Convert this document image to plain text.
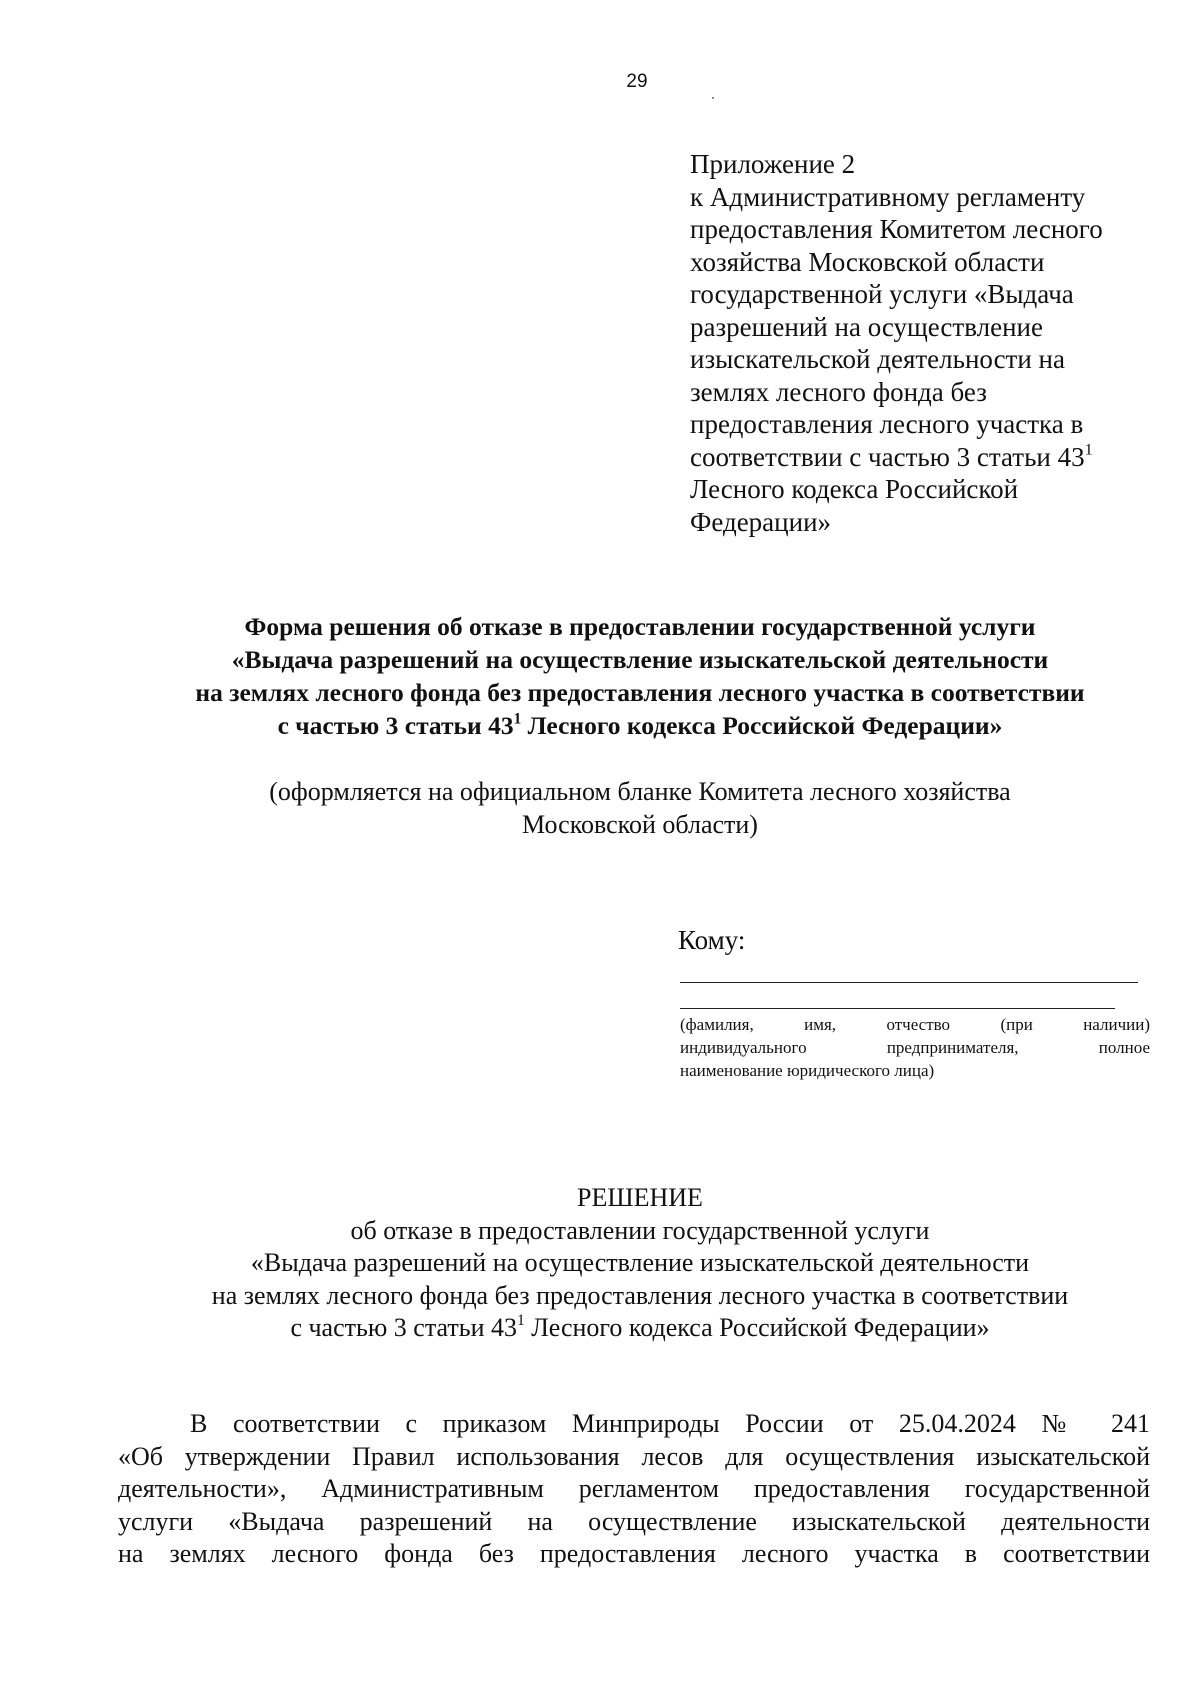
29
Приложение 2
к Административному регламенту
предоставления Комитетом лесного
хозяйства Московской области
государственной услуги «Выдача
разрешений на осуществление
изыскательской деятельности на
землях лесного фонда без
предоставления лесного участка в
соответствии с частью 3 статьи $43^1$
Лесного кодекса Российской
Федерации»
Форма решения об отказе в предоставлении государственной услуги
«Выдача разрешений на осуществление изыскательской деятельности
на землях лесного фонда без предоставления лесного участка в соответствии
с частью 3 статьи $43^1$ Лесного кодекса Российской Федерации»
(оформляется на официальном бланке Комитета лесного хозяйства
Московской области)
Кому:
(фамилия, имя, отчество (при наличии)
индивидуального предпринимателя, полное
наименование юридического лица)
РЕШЕНИЕ
об отказе в предоставлении государственной услуги
«Выдача разрешений на осуществление изыскательской деятельности
на землях лесного фонда без предоставления лесного участка в соответствии
с частью 3 статьи $43^1$ Лесного кодекса Российской Федерации»
В соответствии с приказом Минприроды России от 25.04.2024 № 241
«Об утверждении Правил использования лесов для осуществления изыскательской
деятельности», Административным регламентом предоставления государственной
услуги «Выдача разрешений на осуществление изыскательской деятельности
на землях лесного фонда без предоставления лесного участка в соответствии
